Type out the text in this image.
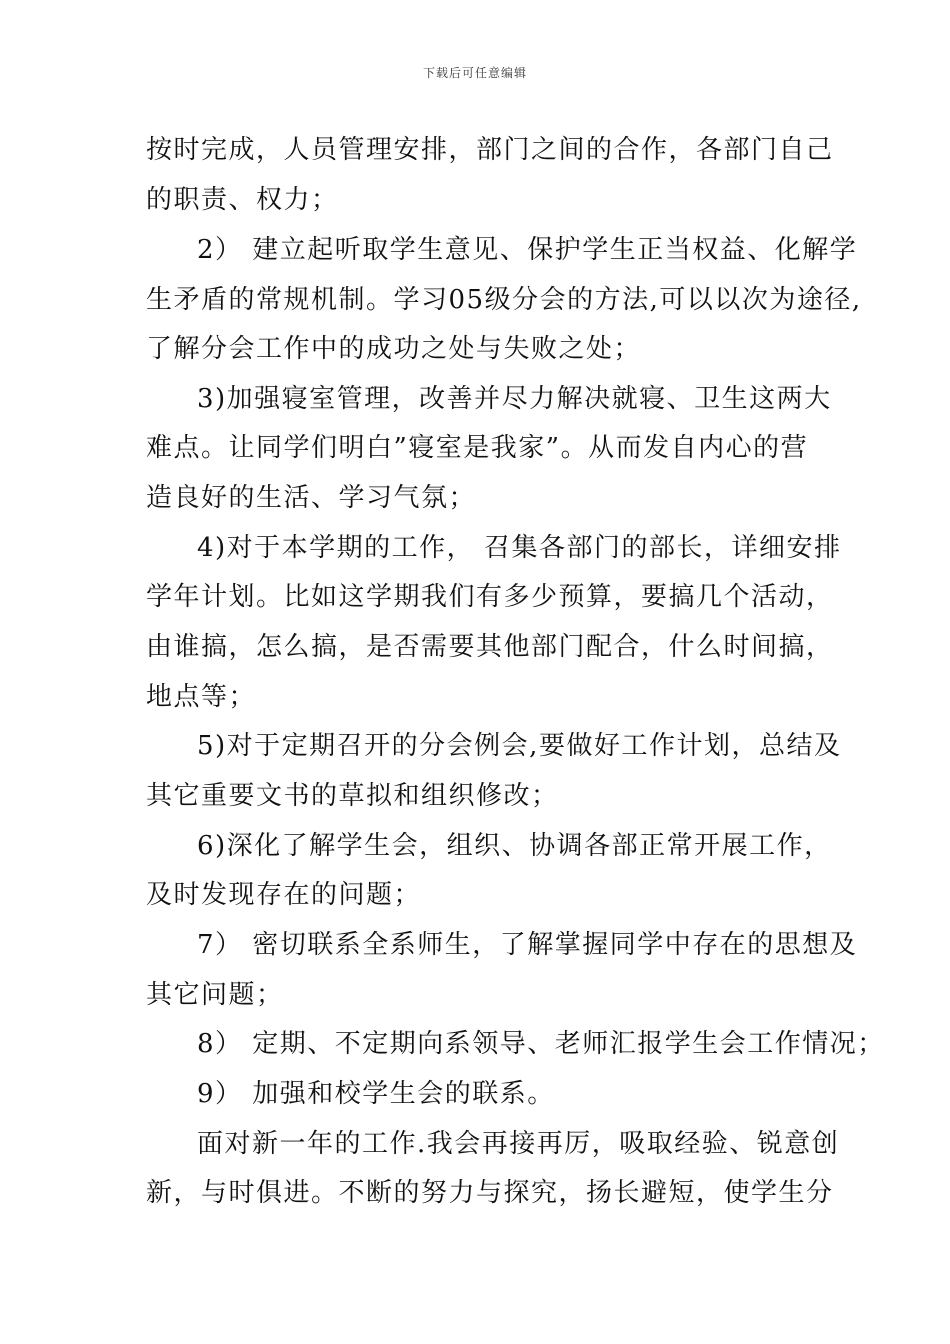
下载后可任意编辑
按时完成，人员管理安排，部门之间的合作，各部门自己
的职责、权力；
2） 建立起听取学生意见、保护学生正当权益、化解学
生矛盾的常规机制。学习05级分会的方法,可以以次为途径,
了解分会工作中的成功之处与失败之处；
3)加强寝室管理，改善并尽力解决就寝、卫生这两大
难点。让同学们明白”寝室是我家”。从而发自内心的营
造良好的生活、学习气氛；
4)对于本学期的工作， 召集各部门的部长，详细安排
学年计划。比如这学期我们有多少预算，要搞几个活动，
由谁搞，怎么搞，是否需要其他部门配合，什么时间搞，
地点等；
5)对于定期召开的分会例会,要做好工作计划，总结及
其它重要文书的草拟和组织修改；
6)深化了解学生会，组织、协调各部正常开展工作，
及时发现存在的问题；
7） 密切联系全系师生，了解掌握同学中存在的思想及
其它问题；
8） 定期、不定期向系领导、老师汇报学生会工作情况；
9） 加强和校学生会的联系。
面对新一年的工作.我会再接再厉，吸取经验、锐意创
新，与时俱进。不断的努力与探究，扬长避短，使学生分
